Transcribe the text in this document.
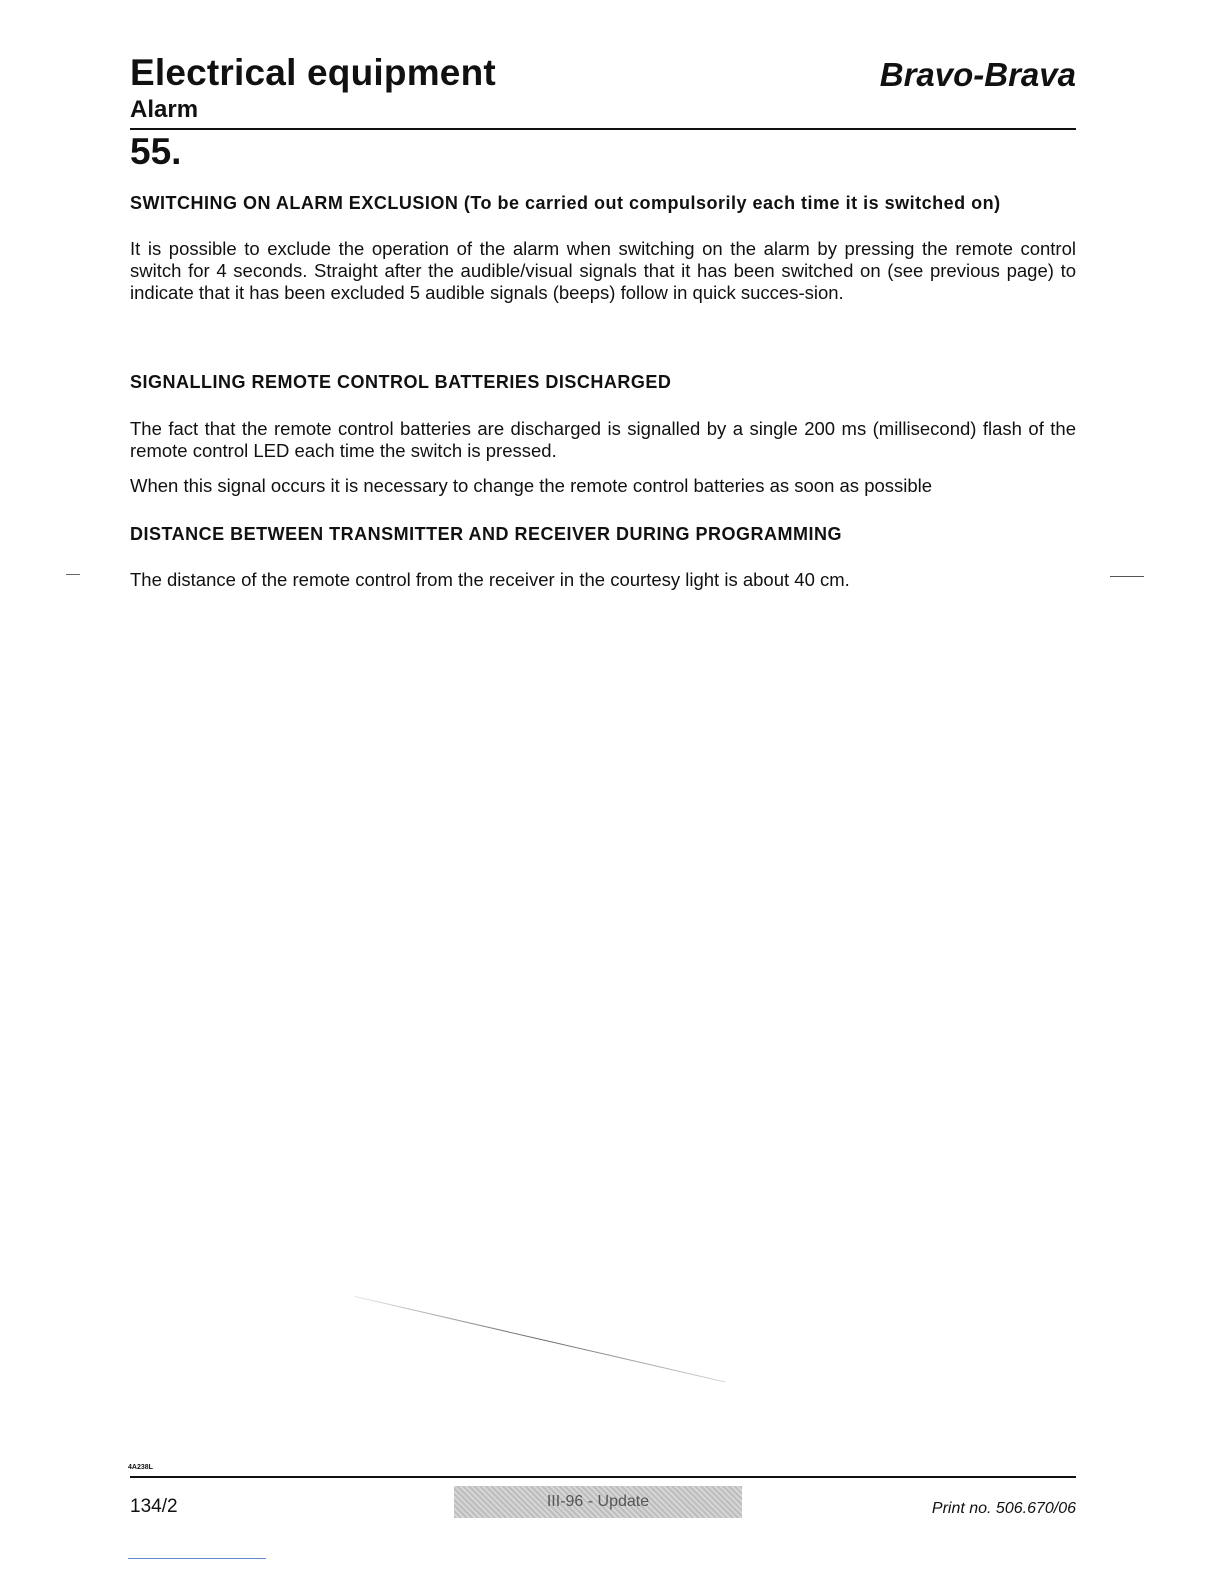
Electrical equipment	Bravo-Brava
Alarm
55.
SWITCHING ON ALARM EXCLUSION (To be carried out compulsorily each time it is switched on)

It is possible to exclude the operation of the alarm when switching on the alarm by pressing the remote control switch for 4 seconds. Straight after the audible/visual signals that it has been switched on (see previous page) to indicate that it has been excluded 5 audible signals (beeps) follow in quick succes-sion.

SIGNALLING REMOTE CONTROL BATTERIES DISCHARGED

The fact that the remote control batteries are discharged is signalled by a single 200 ms (millisecond) flash of the remote control LED each time the switch is pressed.

When this signal occurs it is necessary to change the remote control batteries as soon as possible

DISTANCE BETWEEN TRANSMITTER AND RECEIVER DURING PROGRAMMING

The distance of the remote control from the receiver in the courtesy light is about 40 cm.

4A238L
134/2	III-96 - Update	Print no. 506.670/06
